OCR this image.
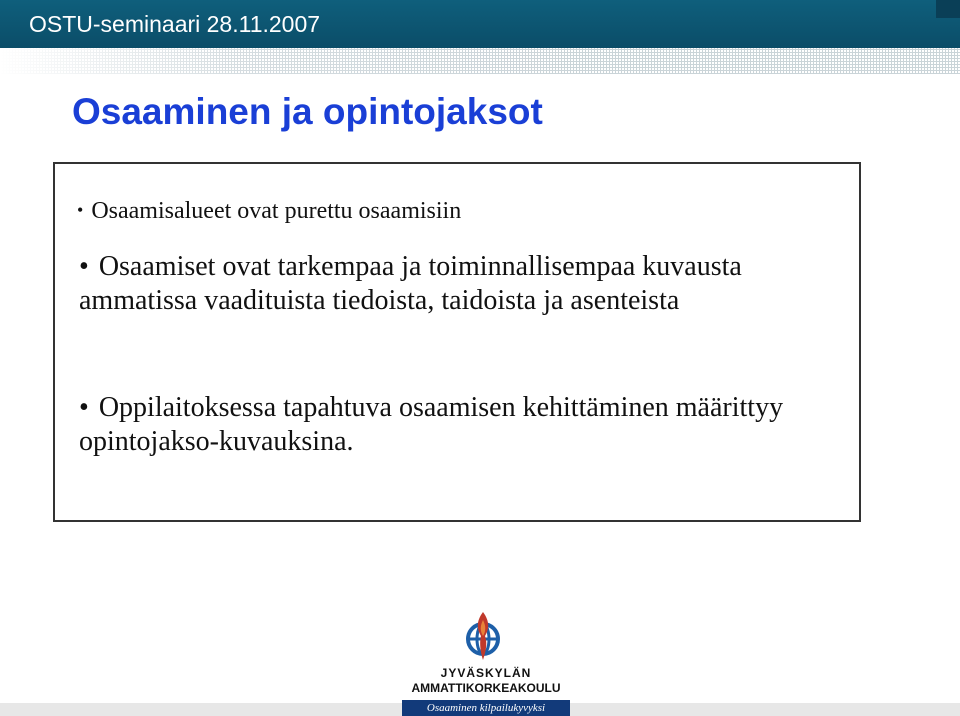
OSTU-seminaari 28.11.2007
Osaaminen ja opintojaksot
• Osaamisalueet ovat purettu osaamisiin
• Osaamiset ovat tarkempaa ja toiminnallisempaa kuvausta ammatissa vaadituista tiedoista, taidoista ja asenteista
• Oppilaitoksessa tapahtuva osaamisen kehittäminen määrittyy opintojakso-kuvauksina.
JYVÄSKYLÄN
AMMATTIKORKEAKOULU
Osaaminen kilpailukyvyksi
